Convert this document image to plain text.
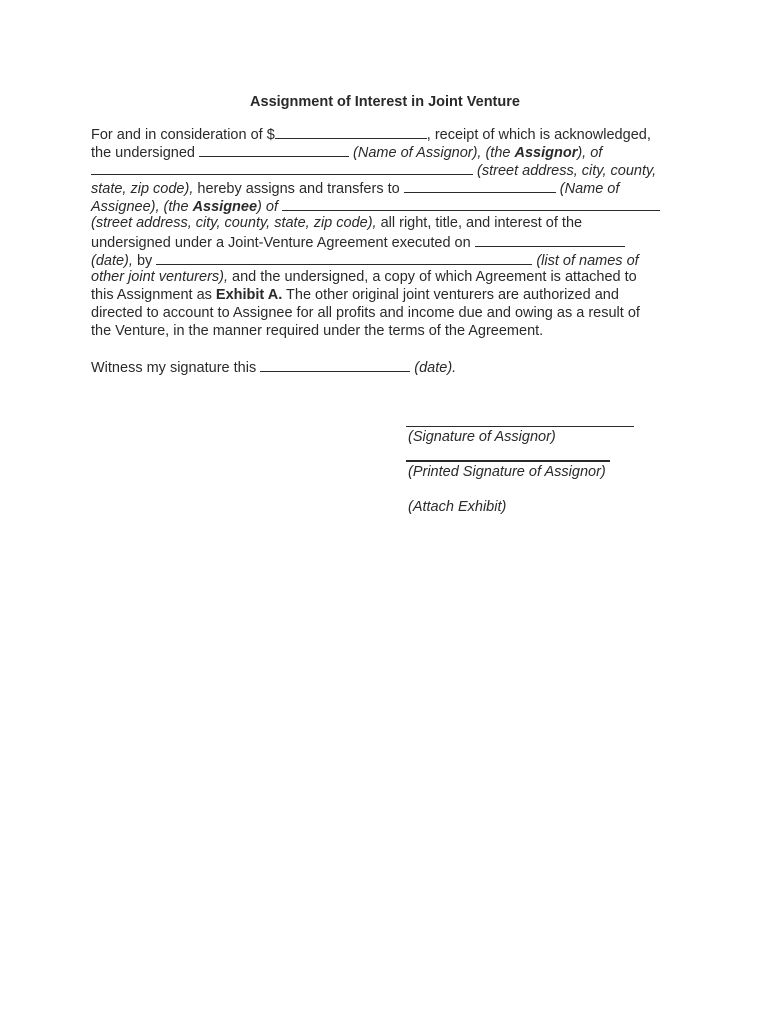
Assignment of Interest in Joint Venture
For and in consideration of $	, receipt of which is acknowledged,
the undersigned	(Name of Assignor), (the Assignor), of
(street address, city, county,
state, zip code), hereby assigns and transfers to	(Name of
Assignee), (the Assignee) of
(street address, city, county, state, zip code), all right, title, and interest of the
undersigned under a Joint-Venture Agreement executed on
(date), by	(list of names of
other joint venturers), and the undersigned, a copy of which Agreement is attached to
this Assignment as Exhibit A. The other original joint venturers are authorized and
directed to account to Assignee for all profits and income due and owing as a result of
the Venture, in the manner required under the terms of the Agreement.
Witness my signature this	(date).
(Signature of Assignor)
(Printed Signature of Assignor)
(Attach Exhibit)
